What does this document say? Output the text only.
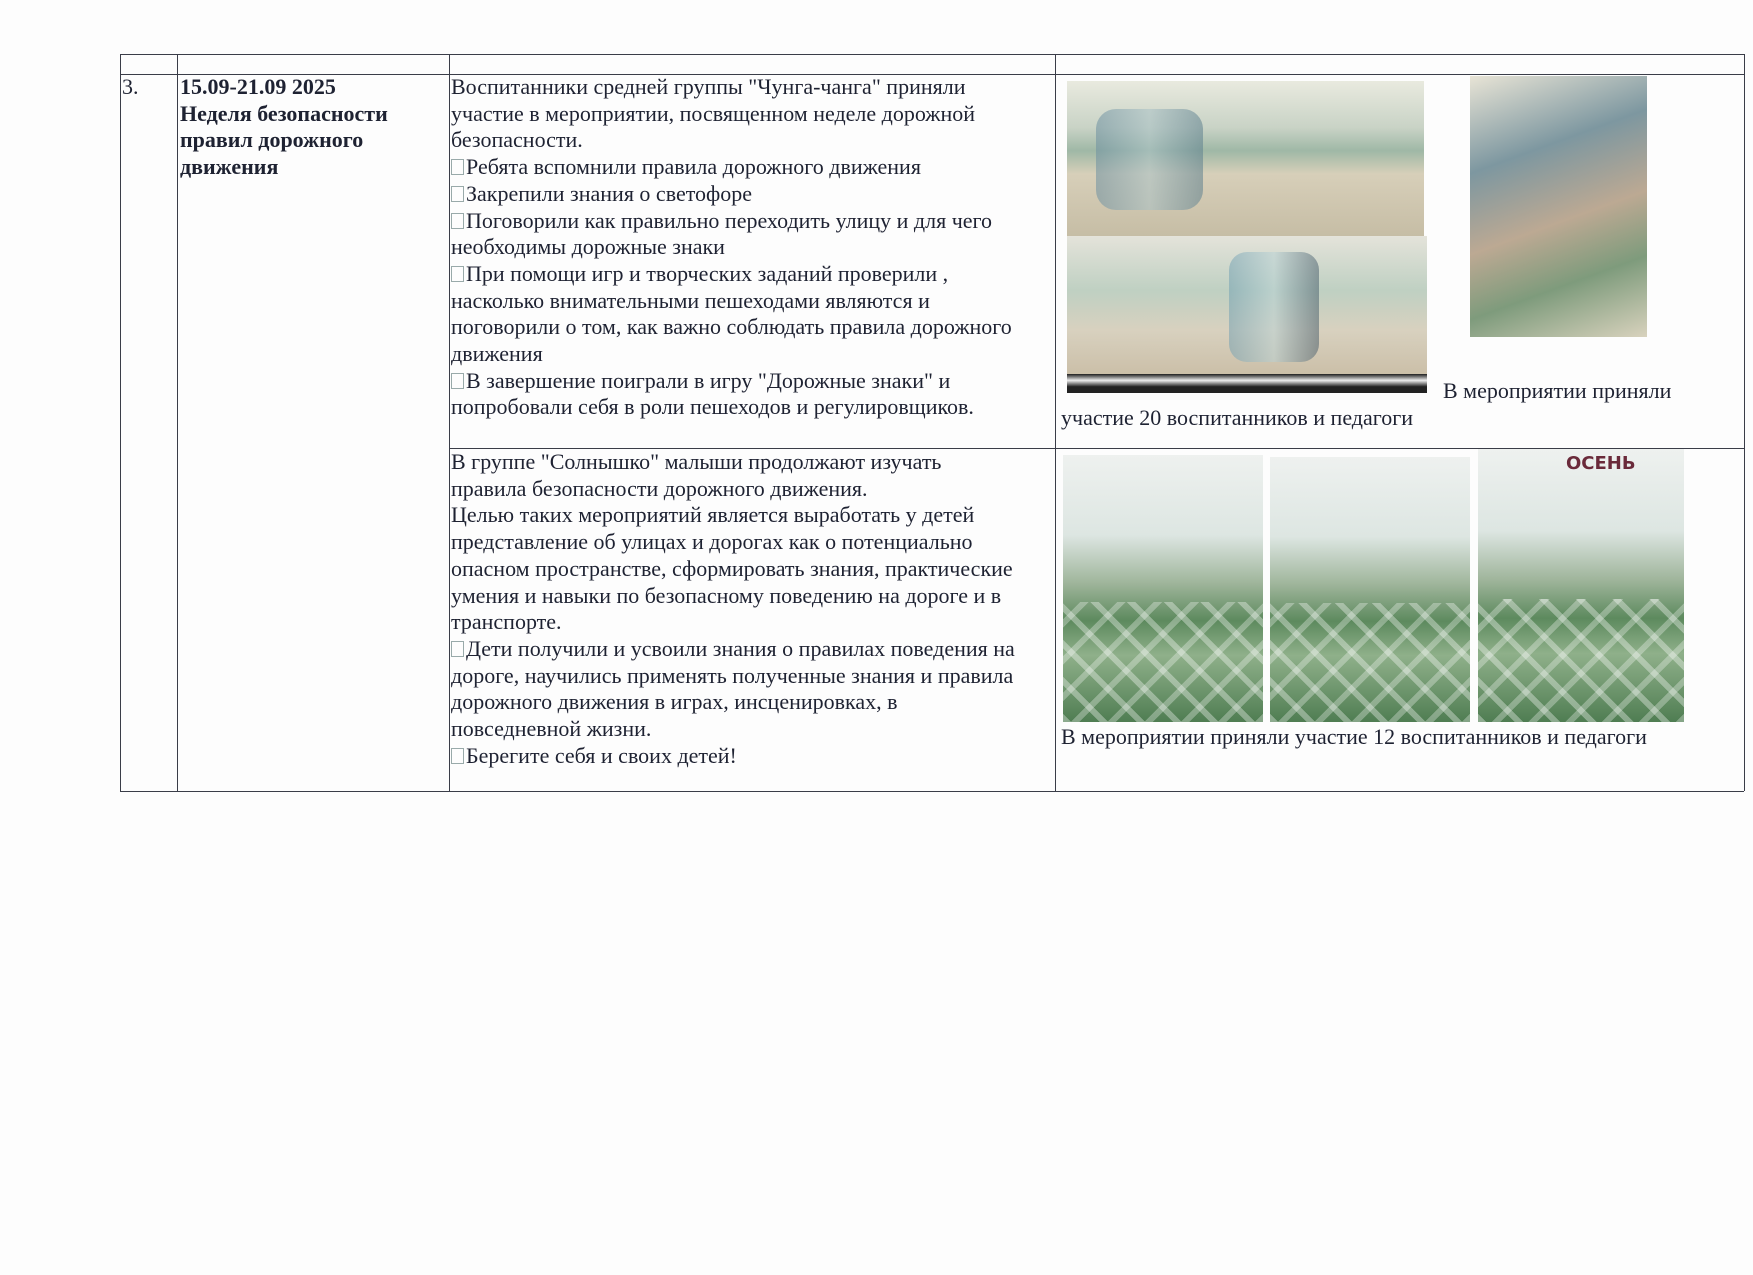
3. 15.09-21.09 2025
Неделя безопасности
правил дорожного
движения
Воспитанники средней группы "Чунга-чанга" приняли
участие в мероприятии, посвященном неделе дорожной
безопасности.
Ребята вспомнили правила дорожного движения
Закрепили знания о светофоре
Поговорили как правильно переходить улицу и для чего
необходимы дорожные знаки
При помощи игр и творческих заданий проверили ,
насколько внимательными пешеходами являются и
поговорили о том, как важно соблюдать правила дорожного
движения
В завершение поиграли в игру "Дорожные знаки" и
попробовали себя в роли пешеходов и регулировщиков.
В мероприятии приняли
участие 20 воспитанников и педагоги
В группе "Солнышко" малыши продолжают изучать
правила безопасности дорожного движения.
Целью таких мероприятий является выработать у детей
представление об улицах и дорогах как о потенциально
опасном пространстве, сформировать знания, практические
умения и навыки по безопасному поведению на дороге и в
транспорте.
Дети получили и усвоили знания о правилах поведения на
дороге, научились применять полученные знания и правила
дорожного движения в играх, инсценировках, в
повседневной жизни.
Берегите себя и своих детей!
ОСЕНЬ
В мероприятии приняли участие 12 воспитанников и педагоги
